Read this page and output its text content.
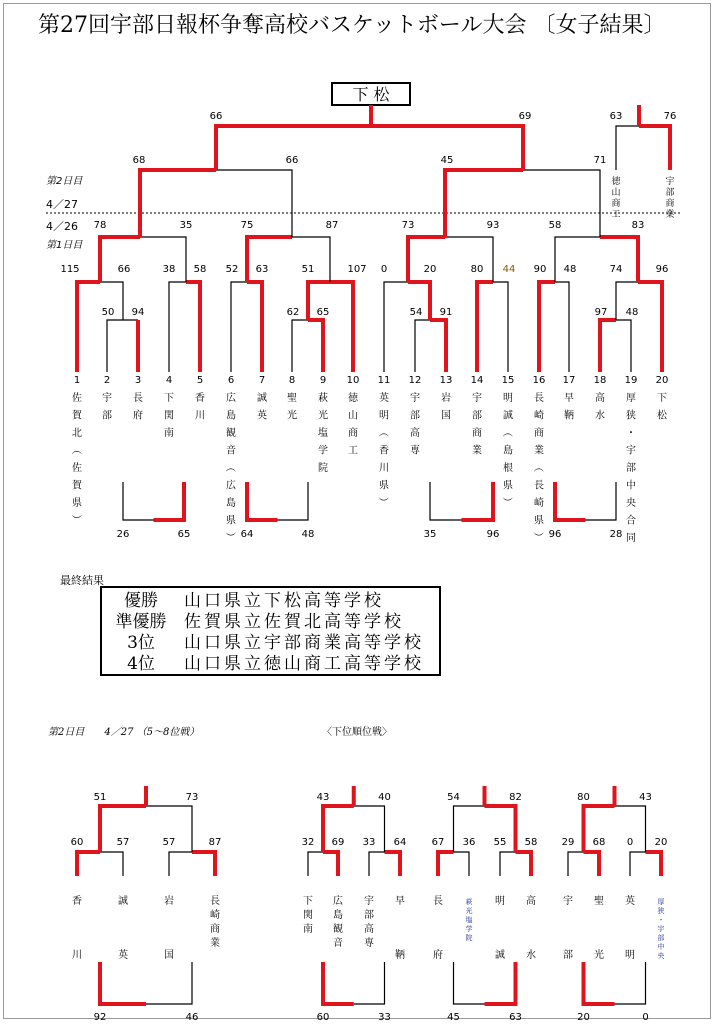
第27回宇部日報杯争奪高校バスケットボール大会 〔女子結果〕
下 松
第2日目
4／27
4／26
第1日目
115	66
50 94
38 58 52 63
62 65
51	107 0	20
54 91
80 44 90 48
97 48
74	96
78	35	75	87	73	93	58	83
68	66	45	71
66	69	63	76
26	65	64	48	35	96	96	28
徳
山
商
工
宇
部
商
業
1
佐
賀
北
（
佐
賀
県
）
2
宇
部
3
長
府
4
下
関
南
5
香
川
6
広
島
観
音
（
広
島
県
）
7
誠
英
8
聖
光
9
萩
光
塩
学
院
10
徳
山
商
工
11
英
明
（
香
川
県
）
12
宇
部
高
専
13
岩
国
14
宇
部
商
業
15
明
誠
（
島
根
県
）
16
長
崎
商
業
（
長
崎
県
）
17
早
鞆
18
高
水
19
厚
狭
・
宇
部
中
央
合
同
20
下
松
最終結果
優勝	山口県立下松高等学校
準優勝	佐賀県立佐賀北高等学校
3位	山口県立宇部商業高等学校
4位	山口県立徳山商工高等学校
第2日目　　4／27 （5～8位戦）	〈下位順位戦〉
60	57	57	87
51	73
香
川
誠
英
岩
国
長
崎
商
業
92	46
32 69 33 64
43	40
下
関
南
広
島
観
音
宇
部
高
専
早
鞆
60	33
67 36 55 58
54	82
長
府
萩
光
塩
学
院
明
誠
高
水
45	63
29 68 0 20
80	43
宇
部
聖
光
英
明
厚
狭
・
宇
部
中
央
20	0
